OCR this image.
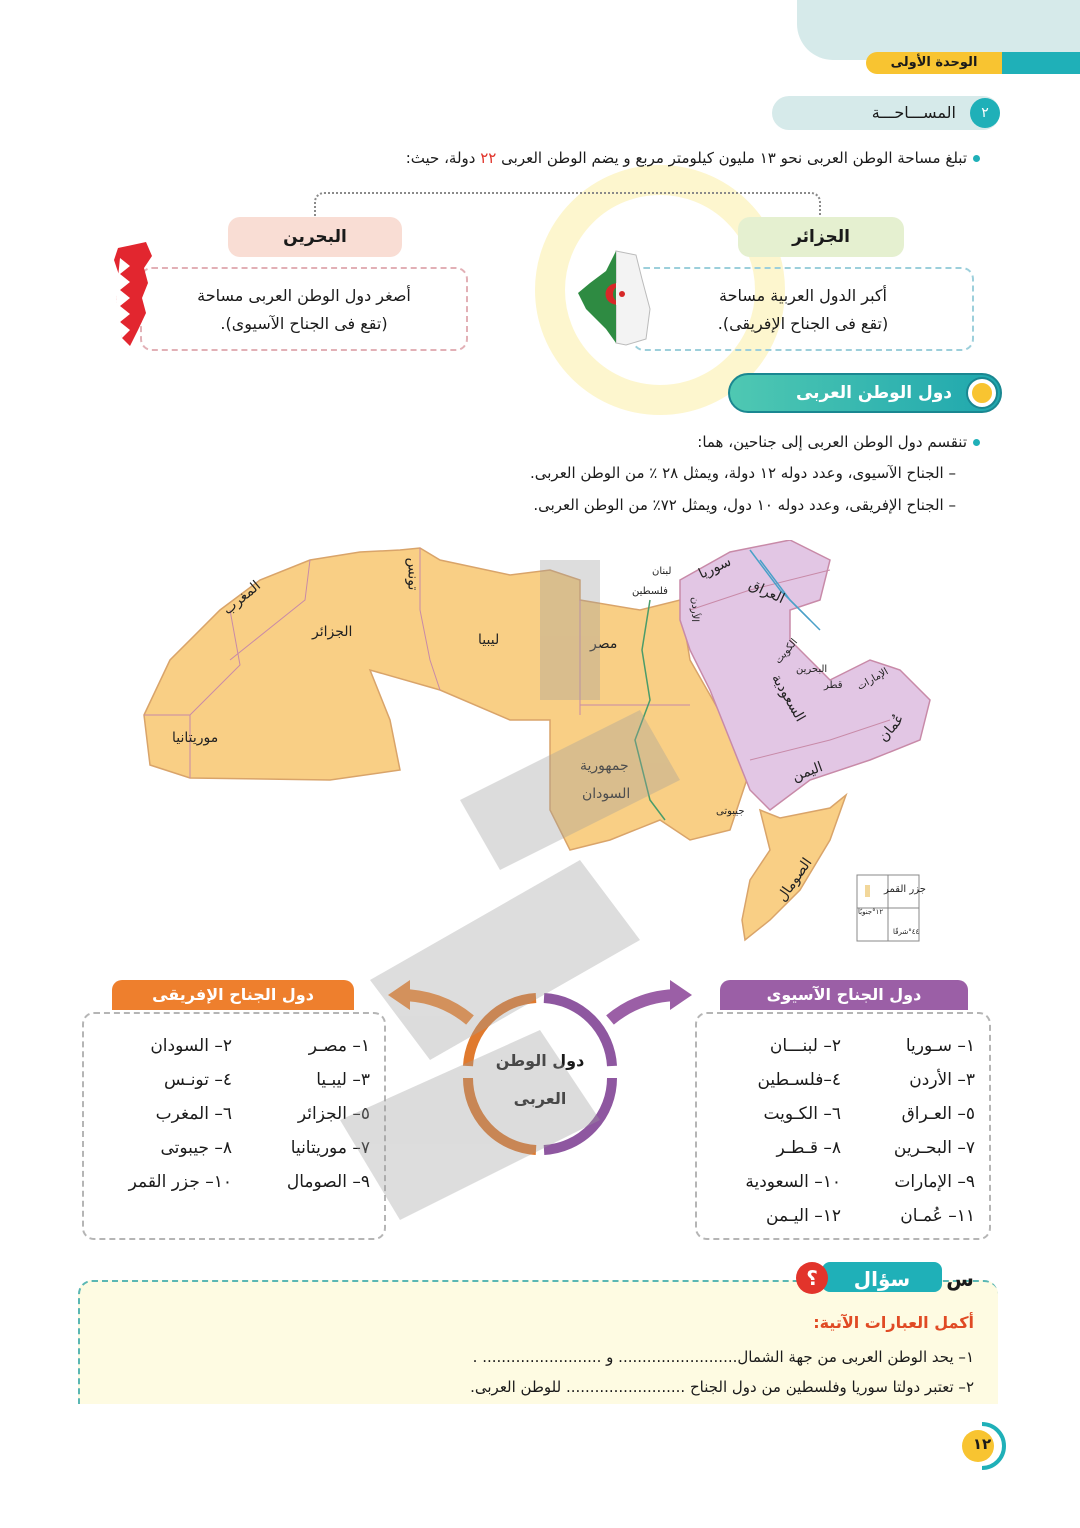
الوحدة الأولى
٢
المســـاحـــة
تبلغ مساحة الوطن العربى نحو ١٣ مليون كيلومتر مربع و يضم الوطن العربى ٢٢ دولة، حيث:
البحرين	الجزائر
أصغر دول الوطن العربى مساحة
(تقع فى الجناح الآسيوى).
أكبر الدول العربية مساحة
(تقع فى الجناح الإفريقى).
دول الوطن العربى
تنقسم دول الوطن العربى إلى جناحين، هما:
– الجناح الآسيوى، وعدد دوله ١٢ دولة، ويمثل ٢٨ ٪ من الوطن العربى.
– الجناح الإفريقى، وعدد دوله ١٠ دول، ويمثل ٧٢٪ من الوطن العربى.
المغرب
تونس
الجزائر	ليبيا	مصر
موريتانيا
جمهورية
السودان
لبنان
فلسطين
سوريا
الأردن
العراق
الكويت
البحرين
قطر الإمارات
السعودية
عُمان
اليمن
جيبوتى
الصومال	جزر القمر
١٢°جنوبًا
٤٤°شرقًا
١– سـوريا
٢– لبنـــان
٣– الأردن
٤–فلسـطين
٥– العـراق
٦– الكـويت
٧– البحـرين
٨– قـطـر
٩– الإمارات
١٠– السعودية
١١– عُمـان
١٢– اليـمن
دول الجناح الآسيوى
١– مصـر
٢– السودان
٣– ليبـيا
٤– تونـس
٥– الجزائر
٦– المغرب
٧– موريتانيا
٨– جيبوتى
٩– الصومال
١٠– جزر القمر
دول الجناح الإفريقى
دول الوطن
العربى
؟ سؤال س
أكمل العبارات الآتية:
١– يحد الوطن العربى من جهة الشمال......................... و ......................... .
٢– تعتبر دولتا سوريا وفلسطين من دول الجناح ......................... للوطن العربى.
١٢
